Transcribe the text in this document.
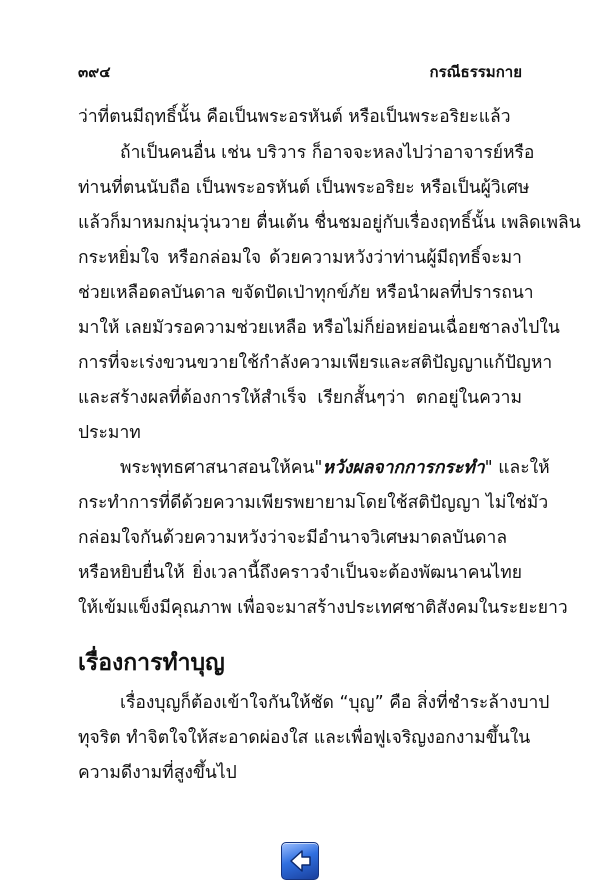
๓๙๔	กรณีธรรมกาย
ว่าที่ตนมีฤทธิ์นั้น คือเป็นพระอรหันต์ หรือเป็นพระอริยะแล้ว
ถ้าเป็นคนอื่น เช่น บริวาร ก็อาจจะหลงไปว่าอาจารย์หรือ
ท่านที่ตนนับถือ เป็นพระอรหันต์ เป็นพระอริยะ หรือเป็นผู้วิเศษ
แล้วก็มาหมกมุ่นวุ่นวาย ตื่นเต้น ชื่นชมอยู่กับเรื่องฤทธิ์นั้น เพลิดเพลิน
กระหยิ่มใจ หรือกล่อมใจ ด้วยความหวังว่าท่านผู้มีฤทธิ์จะมา
ช่วยเหลือดลบันดาล ขจัดปัดเป่าทุกข์ภัย หรือนำผลที่ปรารถนา
มาให้ เลยมัวรอความช่วยเหลือ หรือไม่ก็ย่อหย่อนเฉื่อยชาลงไปใน
การที่จะเร่งขวนขวายใช้กำลังความเพียรและสติปัญญาแก้ปัญหา
และสร้างผลที่ต้องการให้สำเร็จ เรียกสั้นๆว่า ตกอยู่ในความ
ประมาท
พระพุทธศาสนาสอนให้คน"หวังผลจากการกระทำ" และให้
กระทำการที่ดีด้วยความเพียรพยายามโดยใช้สติปัญญา ไม่ใช่มัว
กล่อมใจกันด้วยความหวังว่าจะมีอำนาจวิเศษมาดลบันดาล
หรือหยิบยื่นให้ ยิ่งเวลานี้ถึงคราวจำเป็นจะต้องพัฒนาคนไทย
ให้เข้มแข็งมีคุณภาพ เพื่อจะมาสร้างประเทศชาติสังคมในระยะยาว
เรื่องการทำบุญ
เรื่องบุญก็ต้องเข้าใจกันให้ชัด “บุญ” คือ สิ่งที่ชำระล้างบาป
ทุจริต ทำจิตใจให้สะอาดผ่องใส และเพื่อฟูเจริญงอกงามขึ้นใน
ความดีงามที่สูงขึ้นไป
